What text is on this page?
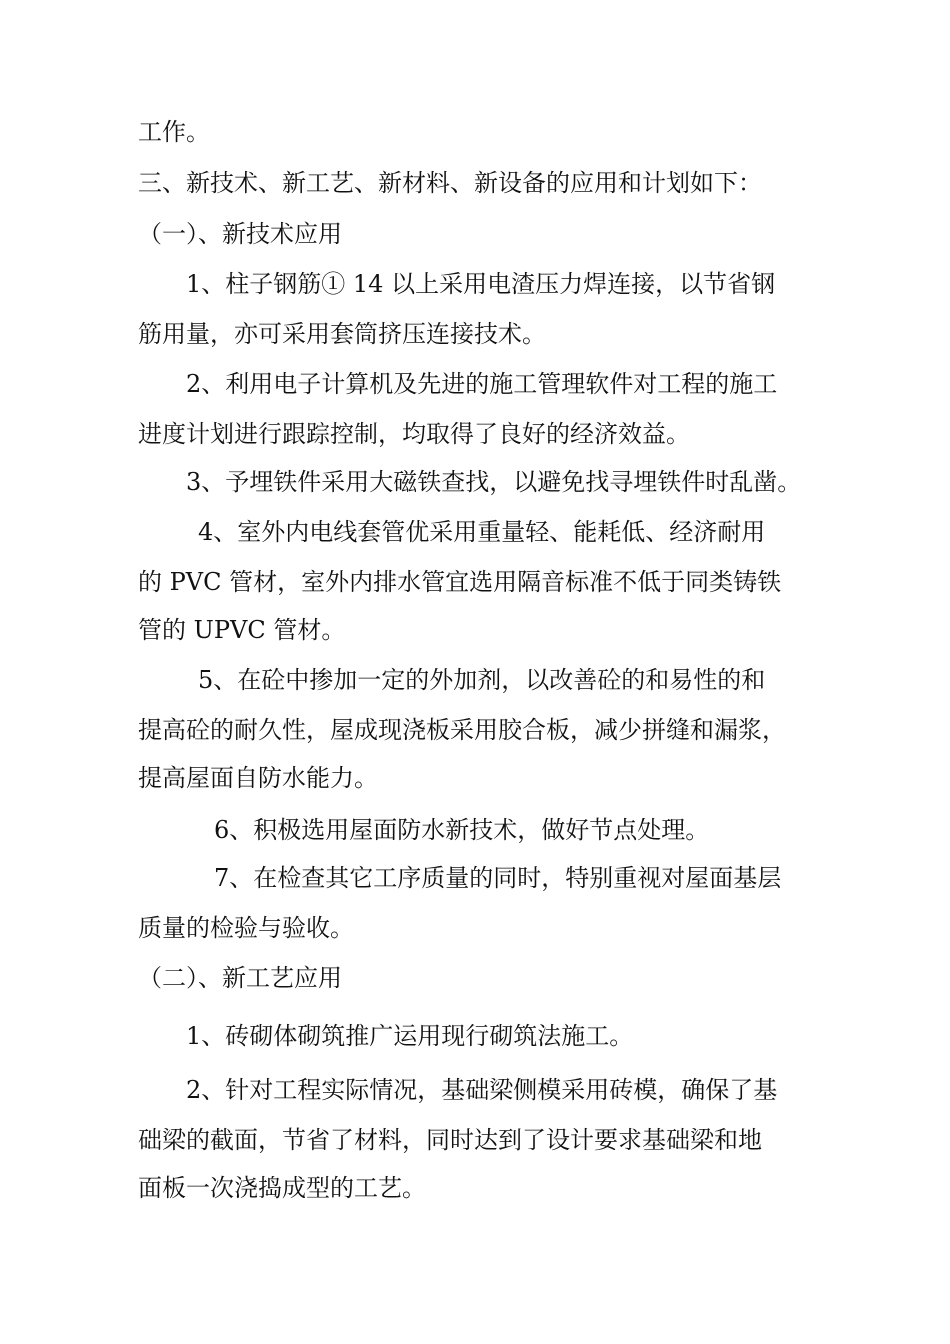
工作。
三、新技术、新工艺、新材料、新设备的应用和计划如下：
（一）、新技术应用
1、柱子钢筋① 14 以上采用电渣压力焊连接，以节省钢
筋用量，亦可采用套筒挤压连接技术。
2、利用电子计算机及先进的施工管理软件对工程的施工
进度计划进行跟踪控制，均取得了良好的经济效益。
3、予埋铁件采用大磁铁查找，以避免找寻埋铁件时乱凿。
4、室外内电线套管优采用重量轻、能耗低、经济耐用
的 PVC 管材，室外内排水管宜选用隔音标准不低于同类铸铁
管的 UPVC 管材。
5、在砼中掺加一定的外加剂，以改善砼的和易性的和
提高砼的耐久性，屋成现浇板采用胶合板，减少拼缝和漏浆，
提高屋面自防水能力。
6、积极选用屋面防水新技术，做好节点处理。
7、在检查其它工序质量的同时，特别重视对屋面基层
质量的检验与验收。
（二）、新工艺应用
1、砖砌体砌筑推广运用现行砌筑法施工。
2、针对工程实际情况，基础梁侧模采用砖模，确保了基
础梁的截面，节省了材料，同时达到了设计要求基础梁和地
面板一次浇捣成型的工艺。
